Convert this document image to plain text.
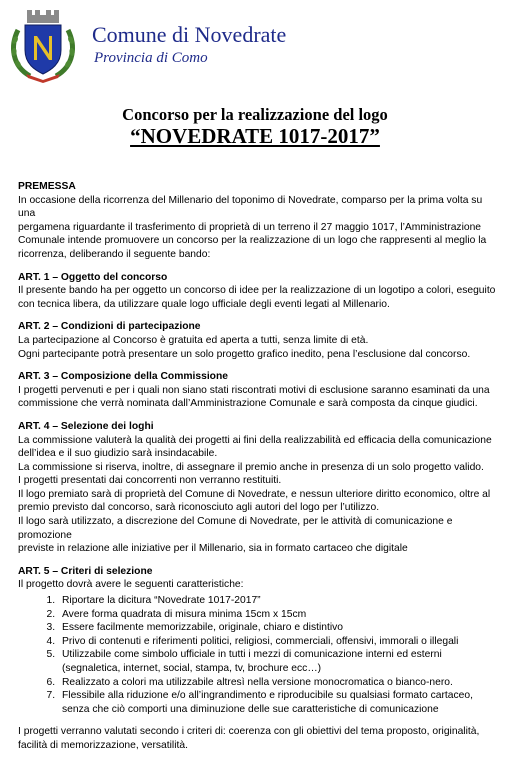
Comune di Novedrate
Provincia di Como
Concorso per la realizzazione del logo
“NOVEDRATE 1017-2017”

PREMESSA

In occasione della ricorrenza del Millenario del toponimo di Novedrate, comparso per la prima volta su una

pergamena riguardante il trasferimento di proprietà di un terreno il 27 maggio 1017, l’Amministrazione

Comunale intende promuovere un concorso per la realizzazione di un logo che rappresenti al meglio la

ricorrenza, deliberando il seguente bando:

ART. 1 – Oggetto del concorso

Il presente bando ha per oggetto un concorso di idee per la realizzazione di un logotipo a colori, eseguito

con tecnica libera, da utilizzare quale logo ufficiale degli eventi legati al Millenario.

ART. 2 – Condizioni di partecipazione

La partecipazione al Concorso è gratuita ed aperta a tutti, senza limite di età.

Ogni partecipante potrà presentare un solo progetto grafico inedito, pena l’esclusione dal concorso.

ART. 3 – Composizione della Commissione

I progetti pervenuti e per i quali non siano stati riscontrati motivi di esclusione saranno esaminati da una

commissione che verrà nominata dall’Amministrazione Comunale e sarà composta da cinque giudici.

ART. 4 – Selezione dei loghi

La commissione valuterà la qualità dei progetti ai fini della realizzabilità ed efficacia della comunicazione

dell’idea e il suo giudizio sarà insindacabile.

La commissione si riserva, inoltre, di assegnare il premio anche in presenza di un solo progetto valido.

I progetti presentati dai concorrenti non verranno restituiti.

Il logo premiato sarà di proprietà del Comune di Novedrate, e nessun ulteriore diritto economico, oltre al

premio previsto dal concorso, sarà riconosciuto agli autori del logo per l’utilizzo.

Il logo sarà utilizzato, a discrezione del Comune di Novedrate, per le attività di comunicazione e promozione

previste in relazione alle iniziative per il Millenario, sia in formato cartaceo che digitale

ART. 5 – Criteri di selezione

Il progetto dovrà avere le seguenti caratteristiche:

1. Riportare la dicitura “Novedrate 1017-2017”
2. Avere forma quadrata di misura minima 15cm x 15cm
3. Essere facilmente memorizzabile, originale, chiaro e distintivo
4. Privo di contenuti e riferimenti politici, religiosi, commerciali, offensivi, immorali o illegali
5. Utilizzabile come simbolo ufficiale in tutti i mezzi di comunicazione interni ed esterni (segnaletica, internet, social, stampa, tv, brochure ecc…)
6. Realizzato a colori ma utilizzabile altresì nella versione monocromatica o bianco-nero.
7. Flessibile alla riduzione e/o all’ingrandimento e riproducibile su qualsiasi formato cartaceo, senza che ciò comporti una diminuzione delle sue caratteristiche di comunicazione

I progetti verranno valutati secondo i criteri di: coerenza con gli obiettivi del tema proposto, originalità,

facilità di memorizzazione, versatilità.
